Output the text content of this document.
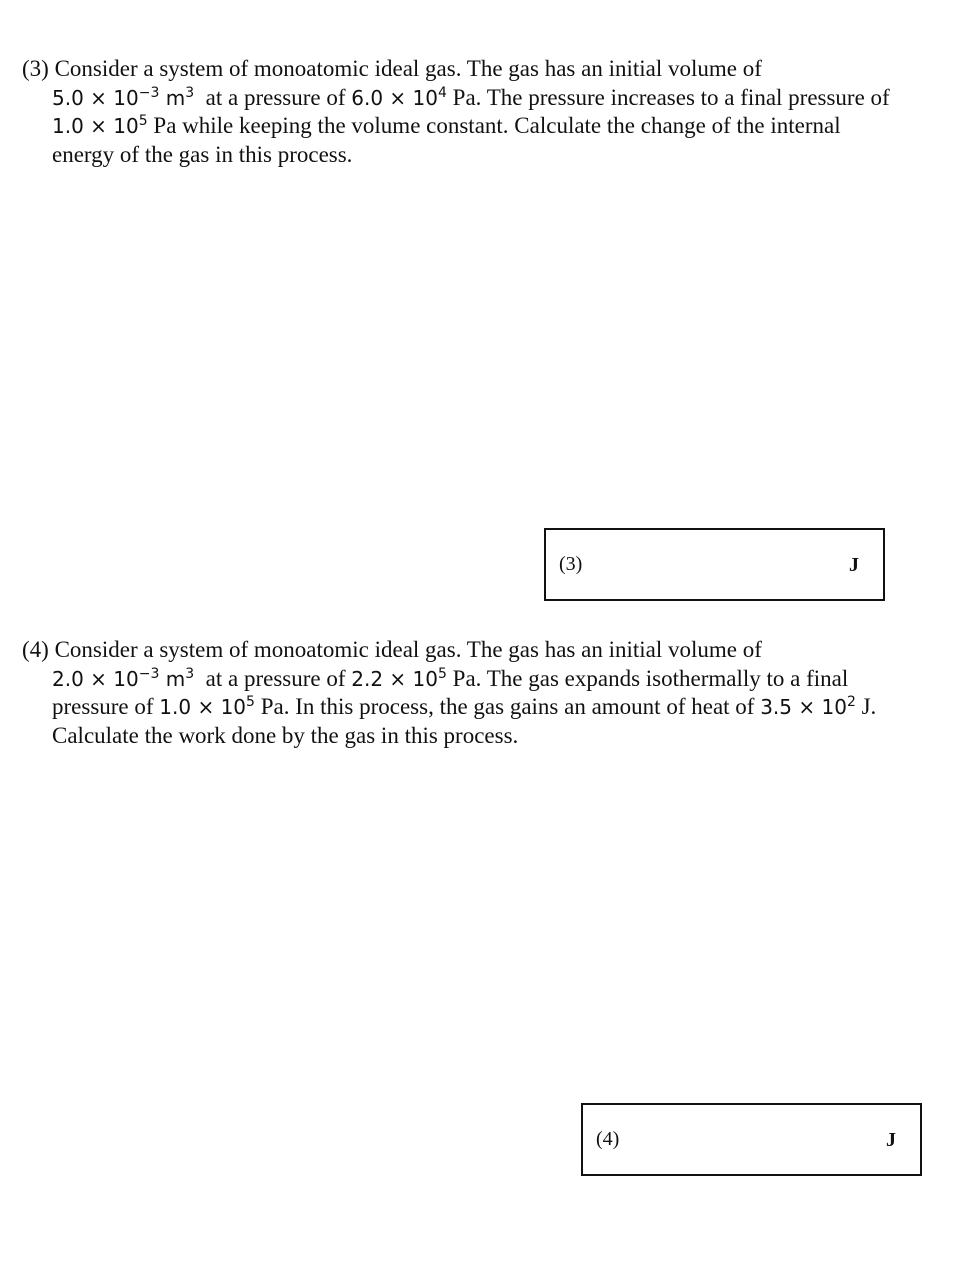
(3) Consider a system of monoatomic ideal gas. The gas has an initial volume of
$5.0 \times 10^{-3}$ $m^3$  at a pressure of $6.0 \times 10^4$ Pa. The pressure increases to a final pressure of
$1.0 \times 10^5$ Pa while keeping the volume constant. Calculate the change of the internal
energy of the gas in this process.
(3)	J
(4) Consider a system of monoatomic ideal gas. The gas has an initial volume of
$2.0 \times 10^{-3}$ $m^3$  at a pressure of $2.2 \times 10^5$ Pa. The gas expands isothermally to a final
pressure of $1.0 \times 10^5$ Pa. In this process, the gas gains an amount of heat of $3.5 \times 10^2$ J.
Calculate the work done by the gas in this process.
(4)	J
